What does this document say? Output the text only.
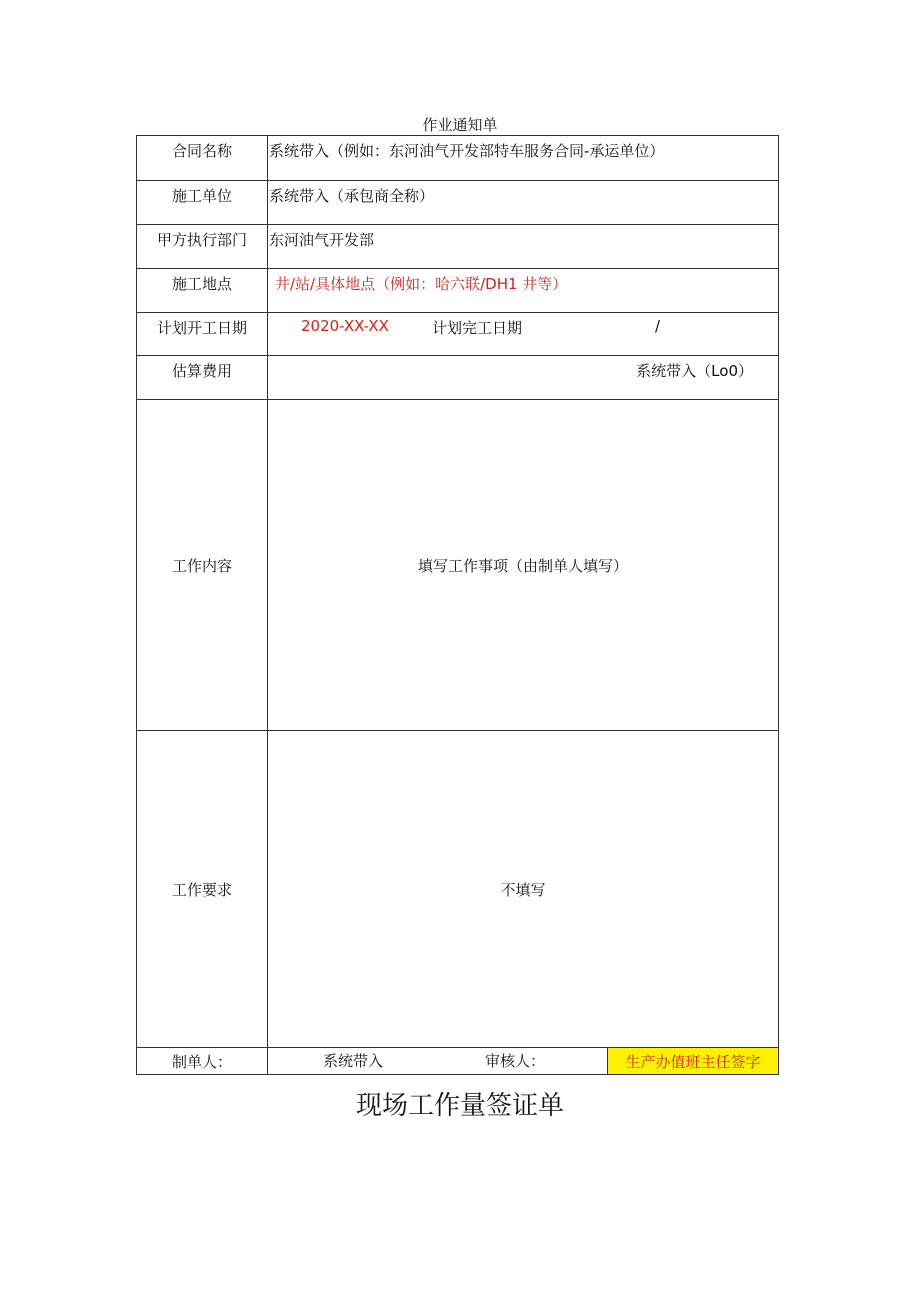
作业通知单
合同名称	系统带入（例如：东河油气开发部特车服务合同-承运单位）
施工单位	系统带入（承包商全称）
甲方执行部门	东河油气开发部
施工地点	井/站/具体地点（例如：哈六联/DH1 井等）
计划开工日期	2020-XX-XX	计划完工日期	/
估算费用	系统带入（Lo0）
工作内容	填写工作事项（由制单人填写）
工作要求	不填写
制单人：	系统带入	审核人：	生产办值班主任签字
现场工作量签证单
